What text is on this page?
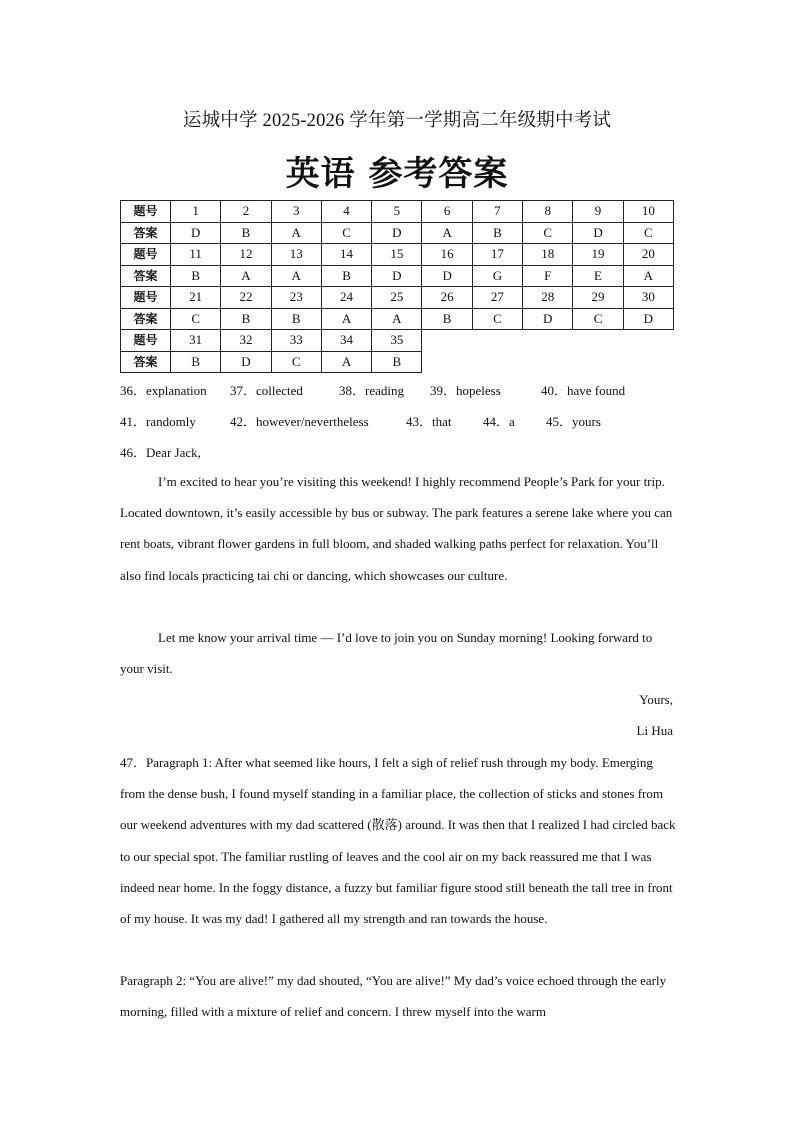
运城中学 2025-2026 学年第一学期高二年级期中考试
英语 参考答案
题号	1	2	3	4	5	6	7	8	9	10
答案	D	B	A	C	D	A	B	C	D	C
题号	11	12	13	14	15	16	17	18	19	20
答案	B	A	A	B	D	D	G	F	E	A
题号	21	22	23	24	25	26	27	28	29	30
答案	C	B	B	A	A	B	C	D	C	D
题号	31	32	33	34	35					
答案	B	D	C	A	B					
36．explanation 37．collected	38．reading 39．hopeless	40．have found
41．randomly	42．however/nevertheless	43．that 44．a 45．yours
46．Dear Jack,
I’m excited to hear you’re visiting this weekend! I highly recommend People’s Park for your trip. Located downtown, it’s easily accessible by bus or subway. The park features a serene lake where you can rent boats, vibrant flower gardens in full bloom, and shaded walking paths perfect for relaxation. You’ll also find locals practicing tai chi or dancing, which showcases our culture.
Let me know your arrival time — I’d love to join you on Sunday morning! Looking forward to your visit.
Yours,
Li Hua
47．Paragraph 1: After what seemed like hours, I felt a sigh of relief rush through my body. Emerging from the dense bush, I found myself standing in a familiar place, the collection of sticks and stones from our weekend adventures with my dad scattered (散落) around. It was then that I realized I had circled back to our special spot. The familiar rustling of leaves and the cool air on my back reassured me that I was indeed near home. In the foggy distance, a fuzzy but familiar figure stood still beneath the tall tree in front of my house. It was my dad! I gathered all my strength and ran towards the house.
Paragraph 2: “You are alive!” my dad shouted, “You are alive!” My dad’s voice echoed through the early morning, filled with a mixture of relief and concern. I threw myself into the warm
